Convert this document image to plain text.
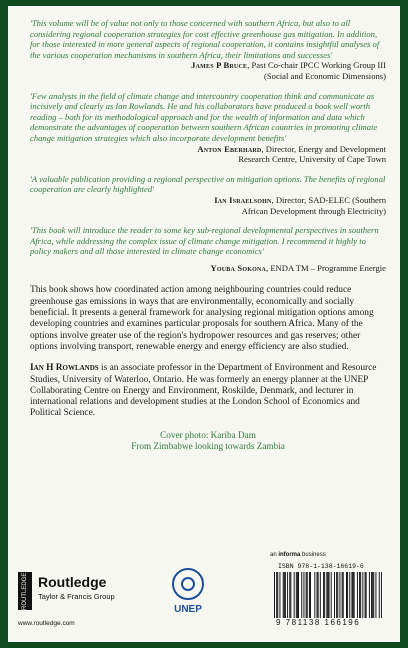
'This volume will be of value not only to those concerned with southern Africa, but also to all considering regional cooperation strategies for cost effective greenhouse gas mitigation. In addition, for those interested in more general aspects of regional cooperation, it contains insightful analyses of the various cooperation mechanisms in southern Africa, their limitations and successes'

James P Bruce, Past Co-chair IPCC Working Group III
(Social and Economic Dimensions)

'Few analysts in the field of climate change and intercountry cooperation think and communicate as incisively and clearly as Ian Rowlands. He and his collaborators have produced a book well worth reading – both for its methodological approach and for the wealth of information and data which demonstrate the advantages of cooperation between southern African countries in promoting climate change mitigation strategies which also incorporate development benefits'

Anton Eberhard, Director, Energy and Development
Research Centre, University of Cape Town

'A valuable publication providing a regional perspective on mitigation options. The benefits of regional cooperation are clearly highlighted'

Ian Israelsohn, Director, SAD-ELEC (Southern
African Development through Electricity)

'This book will introduce the reader to some key sub-regional developmental perspectives in southern Africa, while addressing the complex issue of climate change mitigation. I recommend it highly to policy makers and all those interested in climate change economics'

Youba Sokona, ENDA TM – Programme Energie

This book shows how coordinated action among neighbouring countries could reduce greenhouse gas emissions in ways that are environmentally, economically and socially beneficial. It presents a general framework for analysing regional mitigation options among developing countries and examines particular proposals for southern Africa. Many of the options involve greater use of the region's hydropower resources and gas reserves; other options involving transport, renewable energy and energy efficiency are also studied.

Ian H Rowlands is an associate professor in the Department of Environment and Resource Studies, University of Waterloo, Ontario. He was formerly an energy planner at the UNEP Collaborating Centre on Energy and Environment, Roskilde, Denmark, and lecturer in international relations and development studies at the London School of Economics and Political Science.

Cover photo: Kariba Dam
From Zimbabwe looking towards Zambia
ROUTLEDGE Routledge
Taylor & Francis Group
www.routledge.com
UNEP
an informa business
ISBN 978-1-138-16619-6
9 781138 166196
